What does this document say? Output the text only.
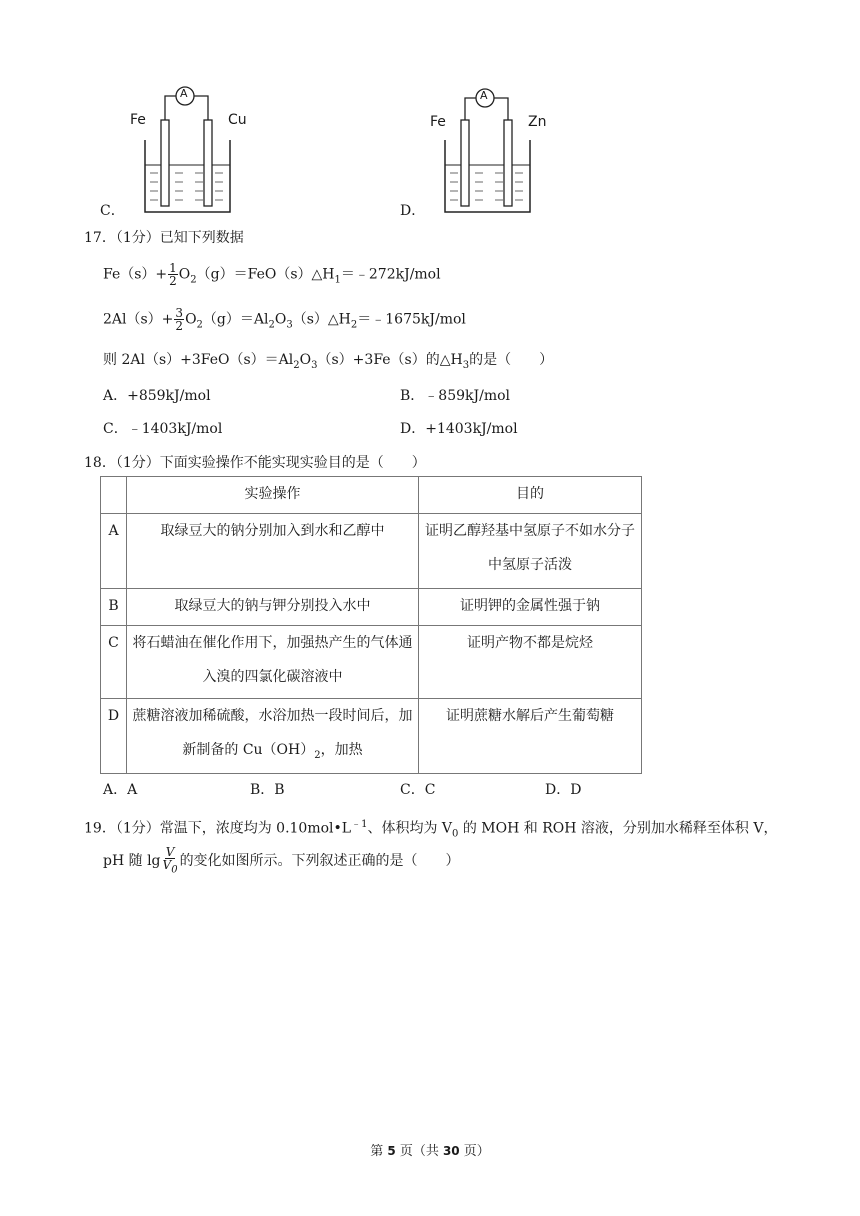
Fe	Cu
A
C．
Fe	Zn
A
D．
17．（1分）已知下列数据
$Fe(s)+ \frac{1}{2}$ $O_2(g)=FeO(s)\triangle H_1=﹣272kJ$/mol
$2Al(s)+ \frac{3}{2}$ $O_2(g)=Al_2O_3(s)\triangle H_2=﹣1675kJ$/mol
则 $2Al(s)+3FeO(s)=Al_2O_3(s)+3Fe(s)$的$\triangle H_3$的是（　　）
A．+859kJ/mol	B．﹣859kJ/mol
C．﹣1403kJ/mol	D．+1403kJ/mol
18．（1分）下面实验操作不能实现实验目的是（　　）
	实验操作	目的
A	取绿豆大的钠分别加入到水和乙醇中	证明乙醇羟基中氢原子不如水分子中氢原子活泼
B	取绿豆大的钠与钾分别投入水中	证明钾的金属性强于钠
C	将石蜡油在催化作用下，加强热产生的气体通入溴的四氯化碳溶液中	证明产物不都是烷烃
D	蔗糖溶液加稀硫酸，水浴加热一段时间后，加新制备的 $Cu(OH)_2$，加热	证明蔗糖水解后产生葡萄糖
A．A	B．B	C．C	D．D
19．（1分）常温下，浓度均为 $0.10mol•L^{﹣1}$、体积均为 $V_0$ 的 MOH 和 ROH 溶液，分别加水稀释至体积 V，
pH 随 $\lg \frac{V}{V_0}$ 的变化如图所示。下列叙述正确的是（　　）
第 5 页（共 30 页）
